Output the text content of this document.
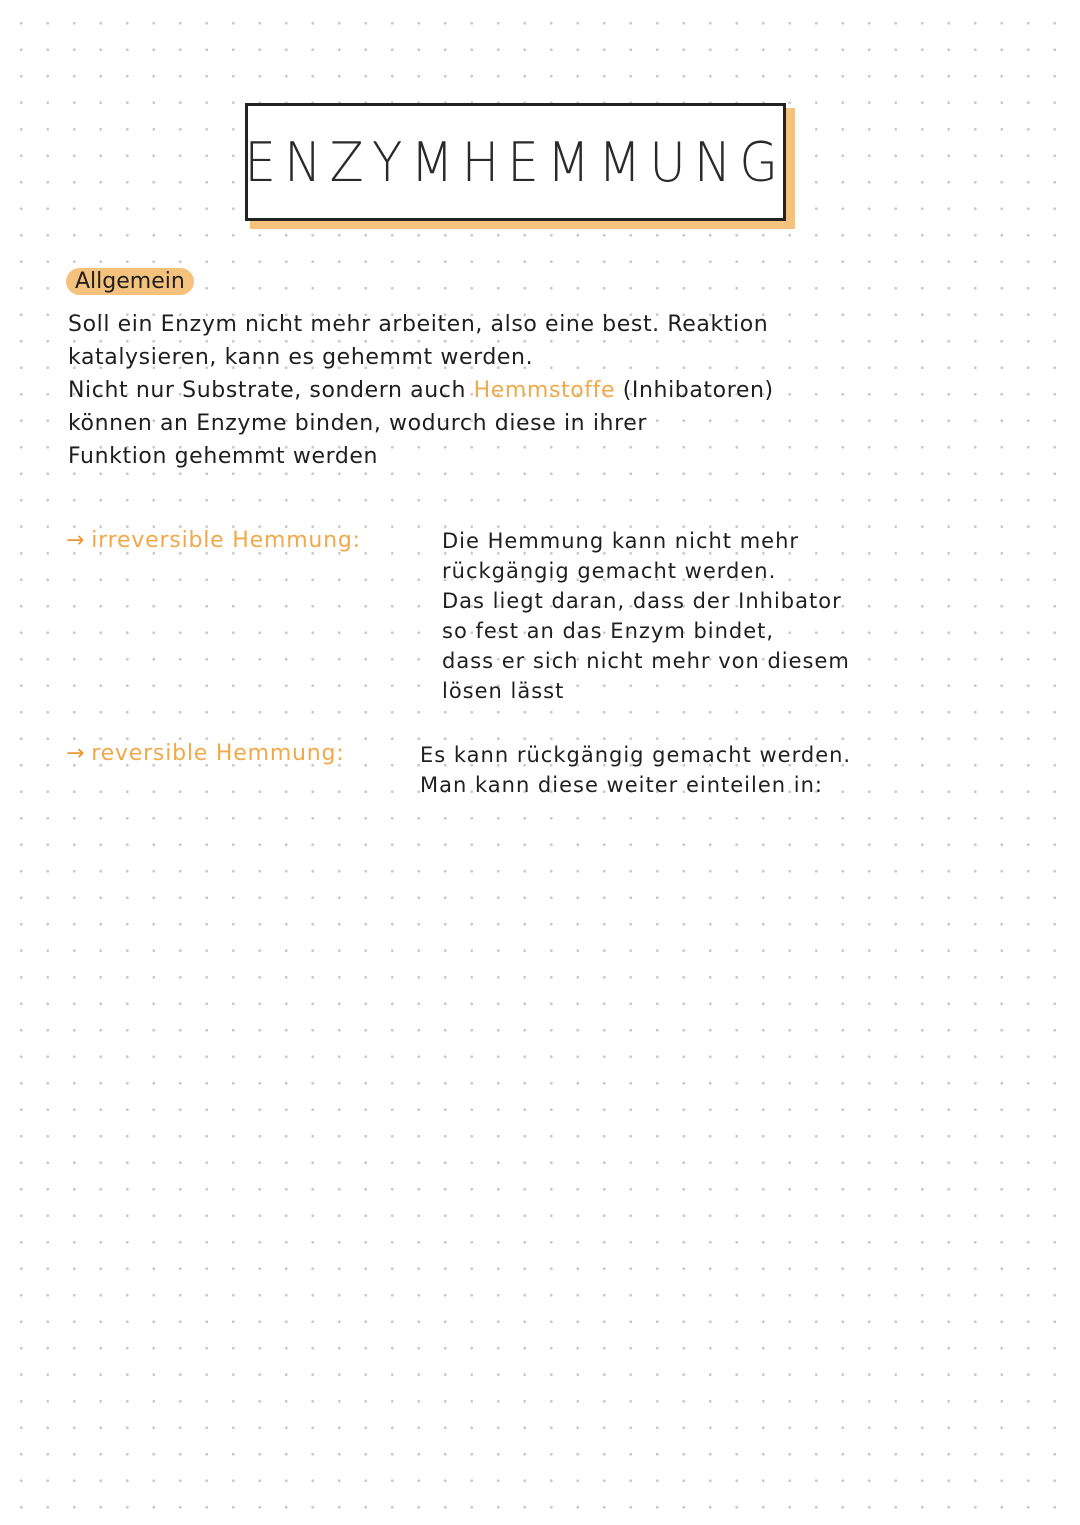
ENZYMHEMMUNG
Allgemein
Soll ein Enzym nicht mehr arbeiten, also eine best. Reaktion
katalysieren, kann es gehemmt werden.
Nicht nur Substrate, sondern auch Hemmstoffe (Inhibatoren)
können an Enzyme binden, wodurch diese in ihrer
Funktion gehemmt werden
→ irreversible Hemmung:	Die Hemmung kann nicht mehr
rückgängig gemacht werden.
Das liegt daran, dass der Inhibator
so fest an das Enzym bindet,
dass er sich nicht mehr von diesem
lösen lässt
→ reversible Hemmung:	Es kann rückgängig gemacht werden.
Man kann diese weiter einteilen in:
